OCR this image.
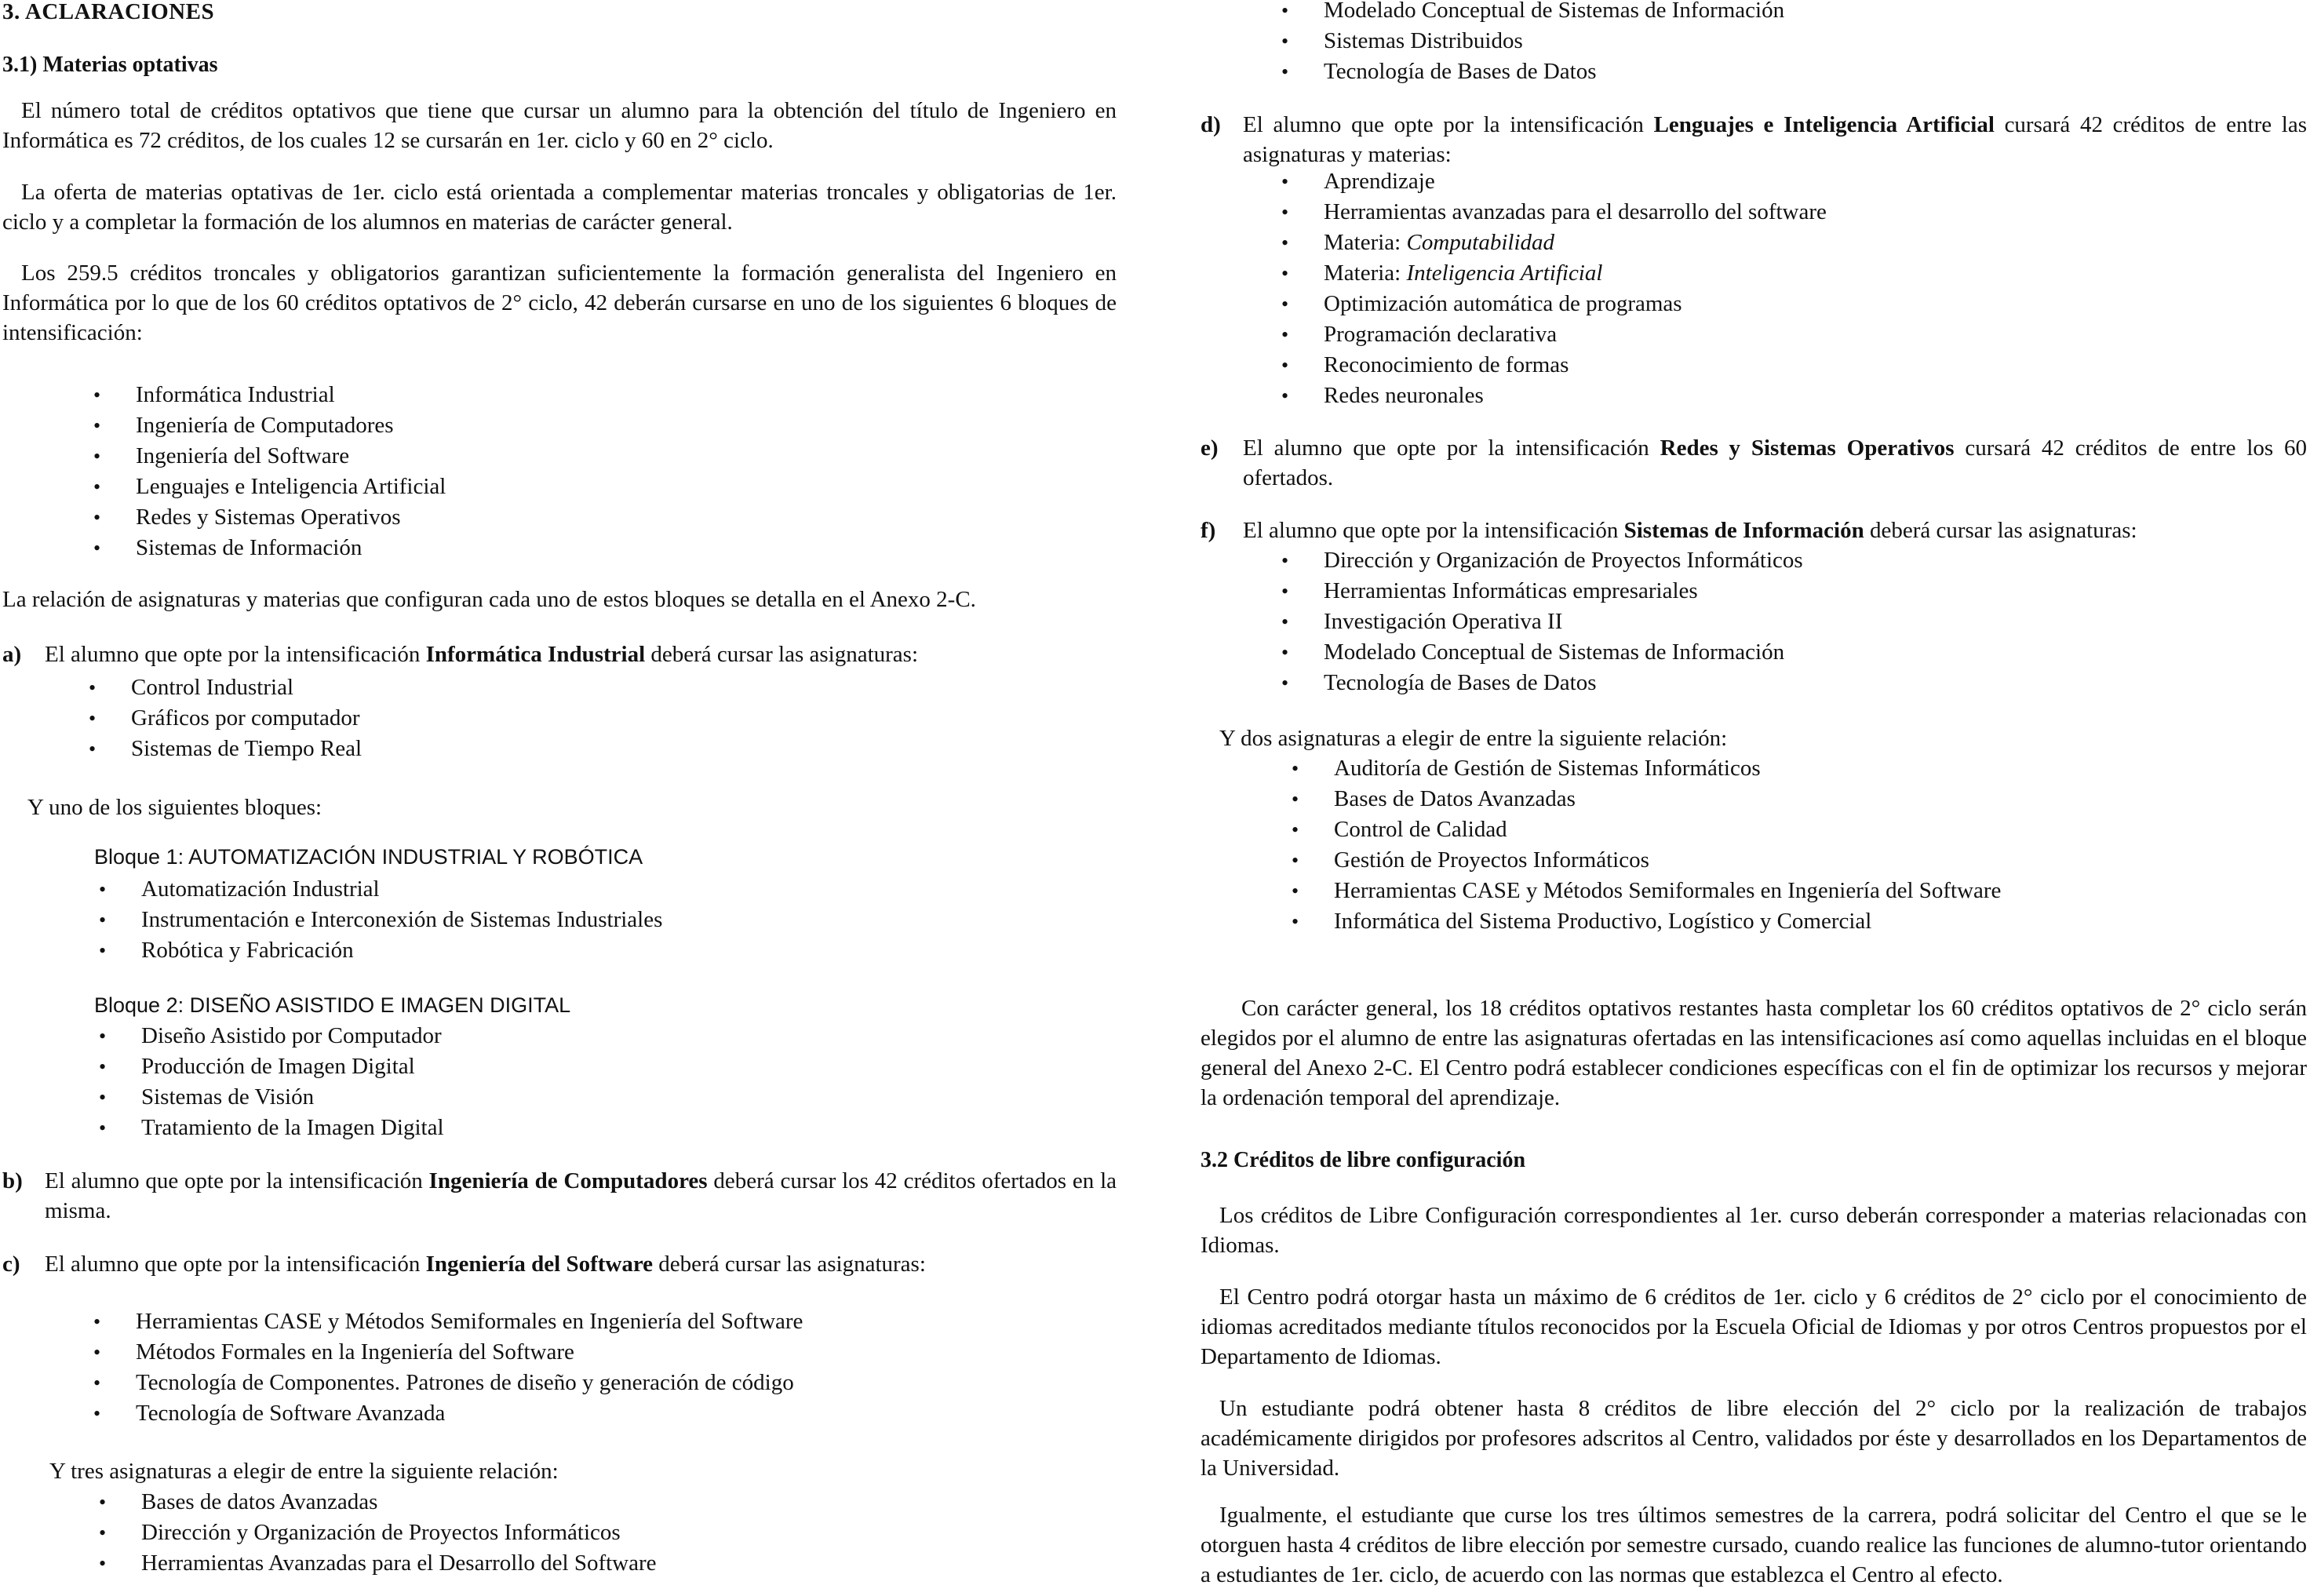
3. ACLARACIONES
3.1) Materias optativas

El número total de créditos optativos que tiene que cursar un alumno para la obtención del título de Ingeniero en Informática es 72 créditos, de los cuales 12 se cursarán en 1er. ciclo y 60 en 2° ciclo.

La oferta de materias optativas de 1er. ciclo está orientada a complementar materias troncales y obligatorias de 1er. ciclo y a completar la formación de los alumnos en materias de carácter general.

Los 259.5 créditos troncales y obligatorios garantizan suficientemente la formación generalista del Ingeniero en Informática por lo que de los 60 créditos optativos de 2° ciclo, 42 deberán cursarse en uno de los siguientes 6 bloques de intensificación:

• Informática Industrial
• Ingeniería de Computadores
• Ingeniería del Software
• Lenguajes e Inteligencia Artificial
• Redes y Sistemas Operativos
• Sistemas de Información

La relación de asignaturas y materias que configuran cada uno de estos bloques se detalla en el Anexo 2-C.

a) El alumno que opte por la intensificación Informática Industrial deberá cursar las asignaturas:
• Control Industrial
• Gráficos por computador
• Sistemas de Tiempo Real

Y uno de los siguientes bloques:

Bloque 1: AUTOMATIZACIÓN INDUSTRIAL Y ROBÓTICA

• Automatización Industrial
• Instrumentación e Interconexión de Sistemas Industriales
• Robótica y Fabricación

Bloque 2: DISEÑO ASISTIDO E IMAGEN DIGITAL

• Diseño Asistido por Computador
• Producción de Imagen Digital
• Sistemas de Visión
• Tratamiento de la Imagen Digital
b) El alumno que opte por la intensificación Ingeniería de Computadores deberá cursar los 42 créditos ofertados en la misma.
c) El alumno que opte por la intensificación Ingeniería del Software deberá cursar las asignaturas:
• Herramientas CASE y Métodos Semiformales en Ingeniería del Software
• Métodos Formales en la Ingeniería del Software
• Tecnología de Componentes. Patrones de diseño y generación de código
• Tecnología de Software Avanzada

Y tres asignaturas a elegir de entre la siguiente relación:

• Bases de datos Avanzadas
• Dirección y Organización de Proyectos Informáticos
• Herramientas Avanzadas para el Desarrollo del Software
• Modelado Conceptual de Sistemas de Información
• Sistemas Distribuidos
• Tecnología de Bases de Datos
d) El alumno que opte por la intensificación Lenguajes e Inteligencia Artificial cursará 42 créditos de entre las asignaturas y materias:
• Aprendizaje
• Herramientas avanzadas para el desarrollo del software
• Materia: Computabilidad
• Materia: Inteligencia Artificial
• Optimización automática de programas
• Programación declarativa
• Reconocimiento de formas
• Redes neuronales
e) El alumno que opte por la intensificación Redes y Sistemas Operativos cursará 42 créditos de entre los 60 ofertados.
f) El alumno que opte por la intensificación Sistemas de Información deberá cursar las asignaturas:
• Dirección y Organización de Proyectos Informáticos
• Herramientas Informáticas empresariales
• Investigación Operativa II
• Modelado Conceptual de Sistemas de Información
• Tecnología de Bases de Datos

Y dos asignaturas a elegir de entre la siguiente relación:

• Auditoría de Gestión de Sistemas Informáticos
• Bases de Datos Avanzadas
• Control de Calidad
• Gestión de Proyectos Informáticos
• Herramientas CASE y Métodos Semiformales en Ingeniería del Software
• Informática del Sistema Productivo, Logístico y Comercial

Con carácter general, los 18 créditos optativos restantes hasta completar los 60 créditos optativos de 2° ciclo serán elegidos por el alumno de entre las asignaturas ofertadas en las intensificaciones así como aquellas incluidas en el bloque general del Anexo 2-C. El Centro podrá establecer condiciones específicas con el fin de optimizar los recursos y mejorar la ordenación temporal del aprendizaje.

3.2 Créditos de libre configuración

Los créditos de Libre Configuración correspondientes al 1er. curso deberán corresponder a materias relacionadas con Idiomas.

El Centro podrá otorgar hasta un máximo de 6 créditos de 1er. ciclo y 6 créditos de 2° ciclo por el conocimiento de idiomas acreditados mediante títulos reconocidos por la Escuela Oficial de Idiomas y por otros Centros propuestos por el Departamento de Idiomas.

Un estudiante podrá obtener hasta 8 créditos de libre elección del 2° ciclo por la realización de trabajos académicamente dirigidos por profesores adscritos al Centro, validados por éste y desarrollados en los Departamentos de la Universidad.

Igualmente, el estudiante que curse los tres últimos semestres de la carrera, podrá solicitar del Centro el que se le otorguen hasta 4 créditos de libre elección por semestre cursado, cuando realice las funciones de alumno-tutor orientando a estudiantes de 1er. ciclo, de acuerdo con las normas que establezca el Centro al efecto.
